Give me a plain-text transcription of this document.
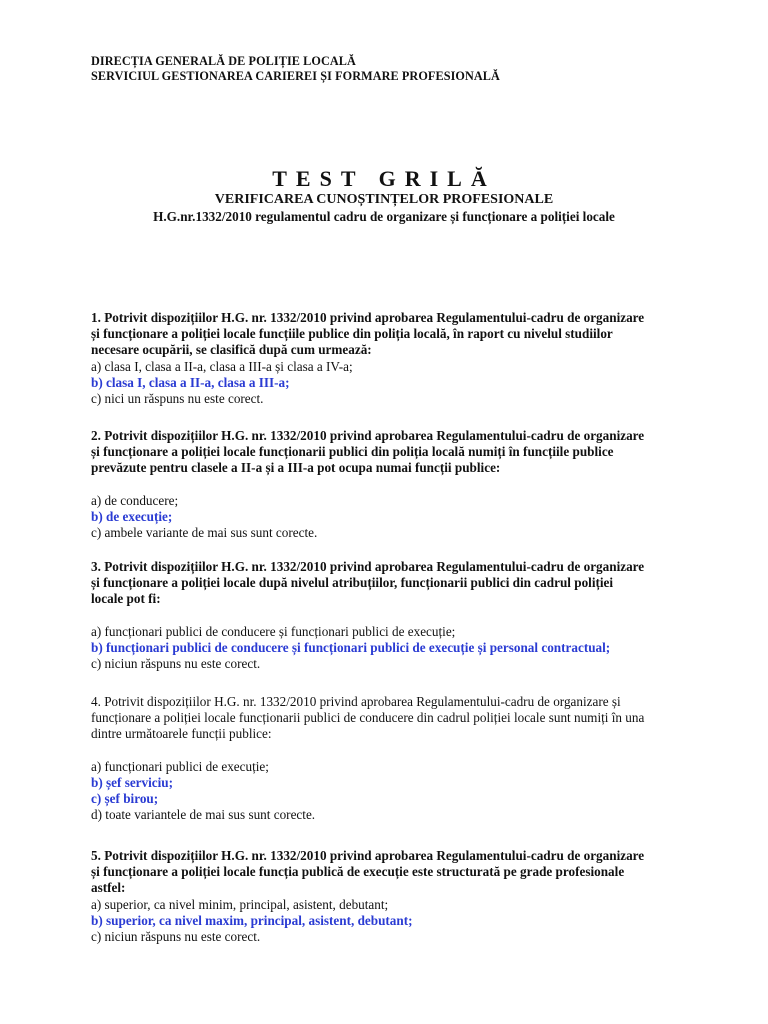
DIRECȚIA GENERALĂ DE POLIȚIE LOCALĂ
SERVICIUL GESTIONAREA CARIEREI ȘI FORMARE PROFESIONALĂ
TEST GRILĂ
VERIFICAREA CUNOȘTINȚELOR PROFESIONALE
H.G.nr.1332/2010 regulamentul cadru de organizare și funcționare a poliției locale
1. Potrivit dispozițiilor H.G. nr. 1332/2010 privind aprobarea Regulamentului-cadru de organizare
și funcționare a poliției locale funcțiile publice din poliția locală, în raport cu nivelul studiilor
necesare ocupării, se clasifică după cum urmează:
a) clasa I, clasa a II-a, clasa a III-a și clasa a IV-a;
b) clasa I, clasa a II-a, clasa a III-a;
c) nici un răspuns nu este corect.
2. Potrivit dispozițiilor H.G. nr. 1332/2010 privind aprobarea Regulamentului-cadru de organizare
și funcționare a poliției locale funcționarii publici din poliția locală numiți în funcțiile publice
prevăzute pentru clasele a II-a și a III-a pot ocupa numai funcții publice:
a) de conducere;
b) de execuție;
c) ambele variante de mai sus sunt corecte.
3. Potrivit dispozițiilor H.G. nr. 1332/2010 privind aprobarea Regulamentului-cadru de organizare
și funcționare a poliției locale după nivelul atribuțiilor, funcționarii publici din cadrul poliției
locale pot fi:
a) funcționari publici de conducere și funcționari publici de execuție;
b) funcționari publici de conducere și funcționari publici de execuție și personal contractual;
c) niciun răspuns nu este corect.
4. Potrivit dispozițiilor H.G. nr. 1332/2010 privind aprobarea Regulamentului-cadru de organizare și
funcționare a poliției locale funcționarii publici de conducere din cadrul poliției locale sunt numiți în una
dintre următoarele funcții publice:
a) funcționari publici de execuție;
b) șef serviciu;
c) șef birou;
d) toate variantele de mai sus sunt corecte.
5. Potrivit dispozițiilor H.G. nr. 1332/2010 privind aprobarea Regulamentului-cadru de organizare
și funcționare a poliției locale funcția publică de execuție este structurată pe grade profesionale
astfel:
a) superior, ca nivel minim, principal, asistent, debutant;
b) superior, ca nivel maxim, principal, asistent, debutant;
c) niciun răspuns nu este corect.
